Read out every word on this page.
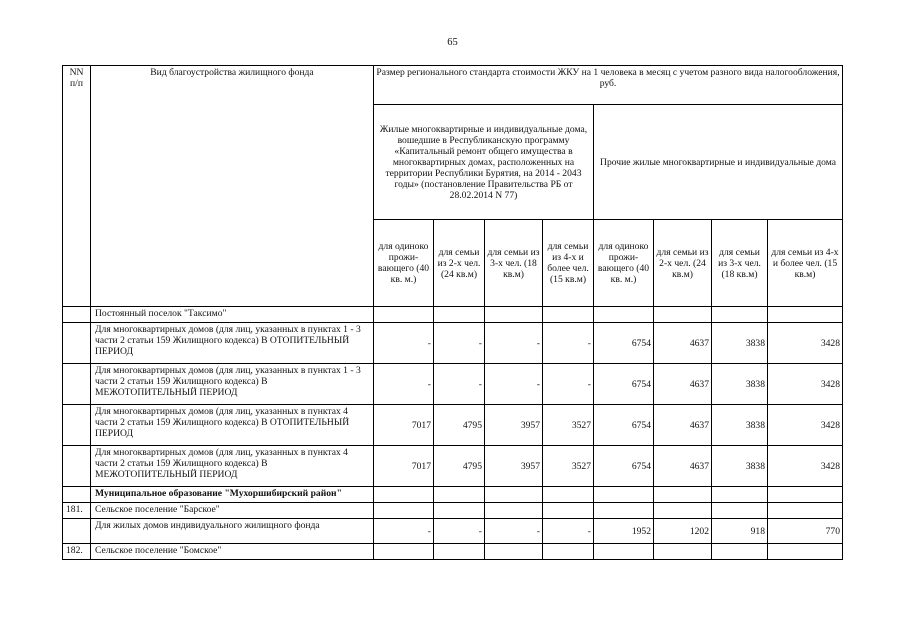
65
NN п/п	Вид благоустройства жилищного фонда	Размер регионального стандарта стоимости ЖКУ на 1 человека в месяц с учетом разного вида налогообложения, руб.							
		Жилые многоквартирные и индивидуальные дома, вошедшие в Республиканскую программу «Капитальный ремонт общего имущества в многоквартирных домах, расположенных на территории Республики Бурятия, на 2014 - 2043 годы» (постановление Правительства РБ от 28.02.2014 N 77)				Прочие жилые многоквартирные и индивидуальные дома			
		для одиноко прожи-вающего (40 кв. м.)	для семьи из 2-х чел. (24 кв.м)	для семьи из 3-х чел. (18 кв.м)	для семьи из 4-х и более чел. (15 кв.м)	для одиноко прожи-вающего (40 кв. м.)	для семьи из 2-х чел. (24 кв.м)	для семьи из 3-х чел. (18 кв.м)	для семьи из 4-х и более чел. (15 кв.м)
	Постоянный поселок "Таксимо"								
	Для многоквартирных домов (для лиц, указанных в пунктах 1 - 3 части 2 статьи 159 Жилищного кодекса) В ОТОПИТЕЛЬНЫЙ ПЕРИОД	-	-	-	-	6754	4637	3838	3428
	Для многоквартирных домов (для лиц, указанных в пунктах 1 - 3 части 2 статьи 159 Жилищного кодекса) В МЕЖОТОПИТЕЛЬНЫЙ ПЕРИОД	-	-	-	-	6754	4637	3838	3428
	Для многоквартирных домов (для лиц, указанных в пунктах 4 части 2 статьи 159 Жилищного кодекса) В ОТОПИТЕЛЬНЫЙ ПЕРИОД	7017	4795	3957	3527	6754	4637	3838	3428
	Для многоквартирных домов (для лиц, указанных в пунктах 4 части 2 статьи 159 Жилищного кодекса) В МЕЖОТОПИТЕЛЬНЫЙ ПЕРИОД	7017	4795	3957	3527	6754	4637	3838	3428
	Муниципальное образование "Мухоршибирский район"								
181.	Сельское поселение "Барское"								
	Для жилых домов индивидуального жилищного фонда	-	-	-	-	1952	1202	918	770
182.	Сельское поселение "Бомское"								
